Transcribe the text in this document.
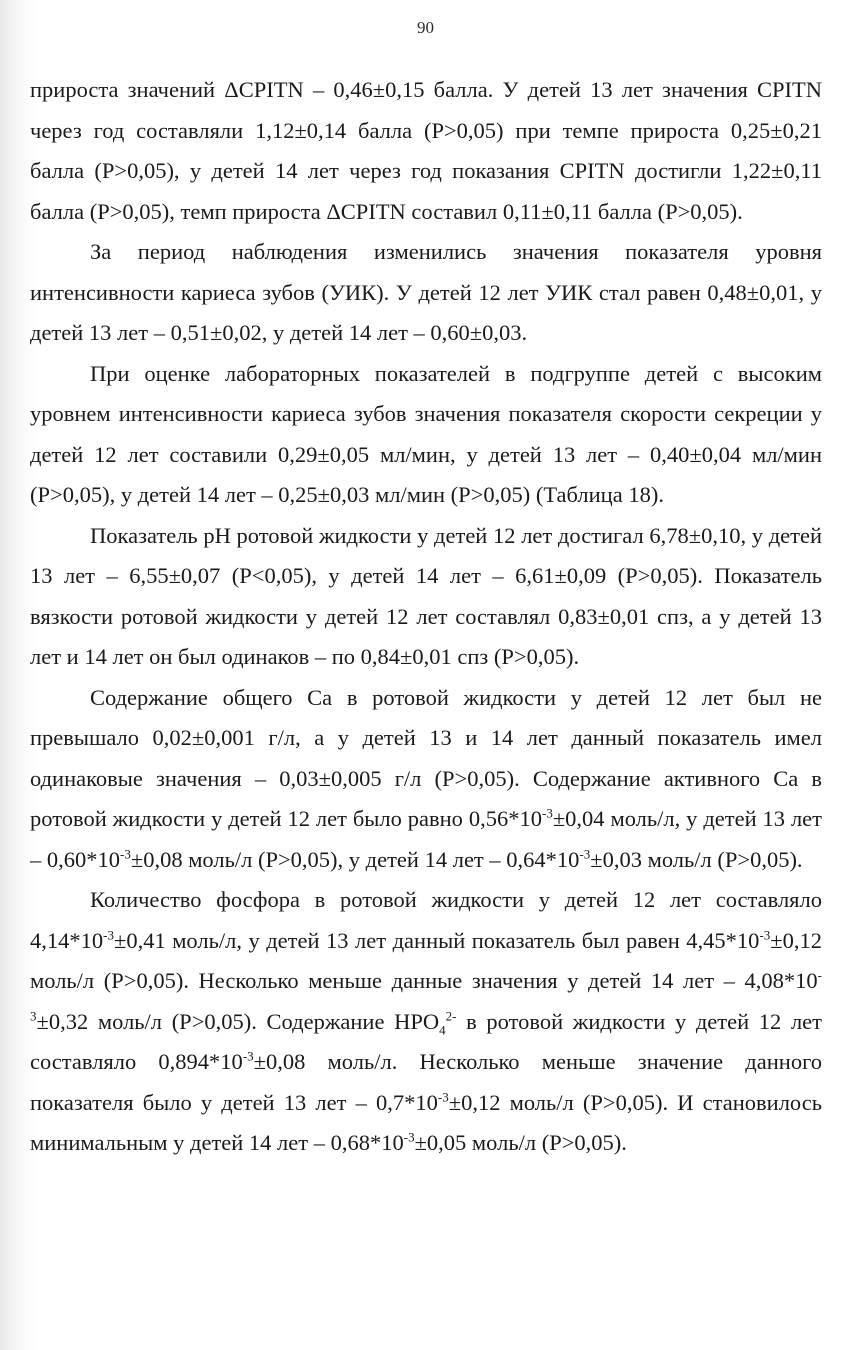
90

прироста значений ΔCPITN – 0,46±0,15 балла. У детей 13 лет значения CPITN через год составляли 1,12±0,14 балла (P>0,05) при темпе прироста 0,25±0,21 балла (P>0,05), у детей 14 лет через год показания CPITN достигли 1,22±0,11 балла (P>0,05), темп прироста ΔCPITN составил 0,11±0,11 балла (P>0,05).

За период наблюдения изменились значения показателя уровня интенсивности кариеса зубов (УИК). У детей 12 лет УИК стал равен 0,48±0,01, у детей 13 лет – 0,51±0,02, у детей 14 лет – 0,60±0,03.

При оценке лабораторных показателей в подгруппе детей с высоким уровнем интенсивности кариеса зубов значения показателя скорости секреции у детей 12 лет составили 0,29±0,05 мл/мин, у детей 13 лет – 0,40±0,04 мл/мин (P>0,05), у детей 14 лет – 0,25±0,03 мл/мин (P>0,05) (Таблица 18).

Показатель pH ротовой жидкости у детей 12 лет достигал 6,78±0,10, у детей 13 лет – 6,55±0,07 (P<0,05), у детей 14 лет – 6,61±0,09 (P>0,05). Показатель вязкости ротовой жидкости у детей 12 лет составлял 0,83±0,01 спз, а у детей 13 лет и 14 лет он был одинаков – по 0,84±0,01 спз (P>0,05).

Содержание общего Ca в ротовой жидкости у детей 12 лет был не превышало 0,02±0,001 г/л, а у детей 13 и 14 лет данный показатель имел одинаковые значения – 0,03±0,005 г/л (P>0,05). Содержание активного Ca в ротовой жидкости у детей 12 лет было равно $0,56*10^{-3}\pm 0,04$ моль/л, у детей 13 лет – $0,60*10^{-3}\pm 0,08$ моль/л (P>0,05), у детей 14 лет – $0,64*10^{-3}\pm 0,03$ моль/л (P>0,05).

Количество фосфора в ротовой жидкости у детей 12 лет составляло $4,14*10^{-3}\pm 0,41$ моль/л, у детей 13 лет данный показатель был равен $4,45*10^{-3}\pm 0,12$ моль/л (P>0,05). Несколько меньше данные значения у детей 14 лет – $4,08*10^{-3}\pm 0,32$ моль/л (P>0,05). Содержание $HPO_4^{2-}$ в ротовой жидкости у детей 12 лет составляло $0,894*10^{-3}\pm 0,08$ моль/л. Несколько меньше значение данного показателя было у детей 13 лет – $0,7*10^{-3}\pm 0,12$ моль/л (P>0,05). И становилось минимальным у детей 14 лет – $0,68*10^{-3}\pm 0,05$ моль/л (P>0,05).
